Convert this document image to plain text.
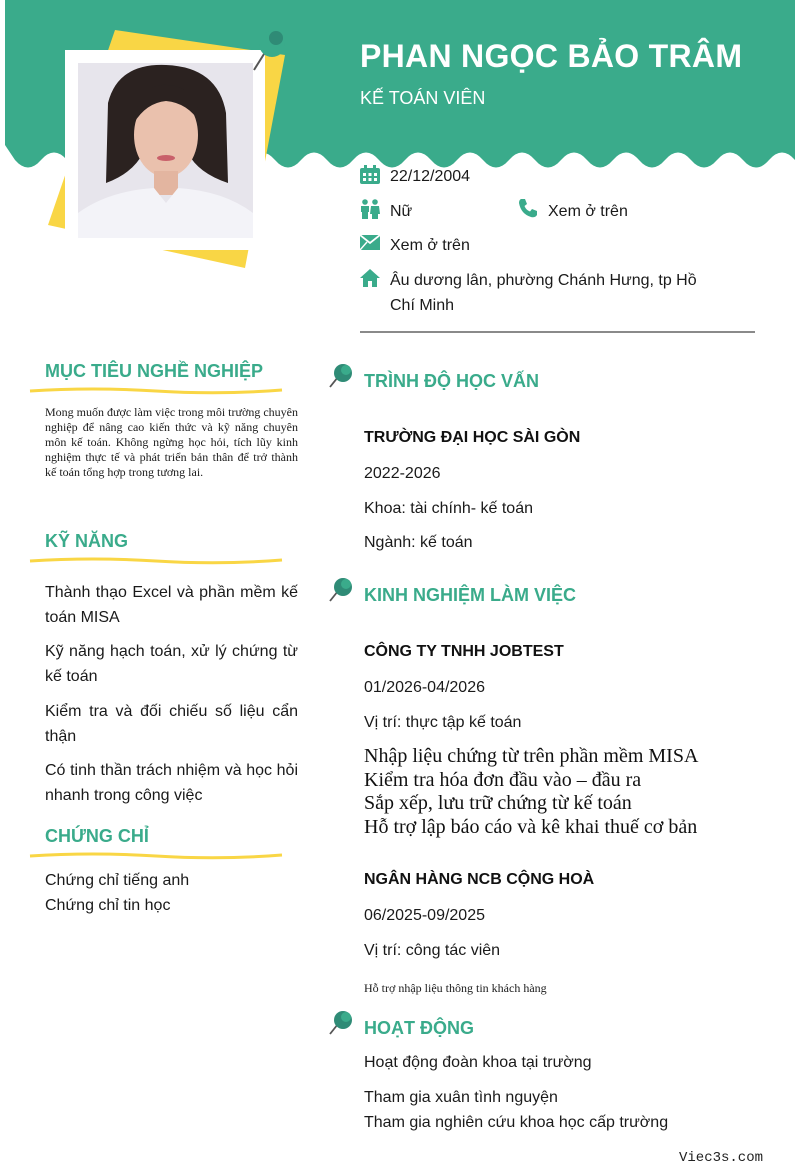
PHAN NGỌC BẢO TRÂM
KẾ TOÁN VIÊN
22/12/2004
Nữ	Xem ở trên
Xem ở trên
Âu dương lân, phường Chánh Hưng, tp Hồ
Chí Minh
MỤC TIÊU NGHỀ NGHIỆP
Mong muốn được làm việc trong môi trường chuyên nghiệp để nâng cao kiến thức và kỹ năng chuyên môn kế toán. Không ngừng học hỏi, tích lũy kinh nghiệm thực tế và phát triển bản thân để trở thành kế toán tổng hợp trong tương lai.
KỸ NĂNG
Thành thạo Excel và phần mềm kế toán MISA
Kỹ năng hạch toán, xử lý chứng từ kế toán
Kiểm tra và đối chiếu số liệu cẩn thận
Có tinh thần trách nhiệm và học hỏi nhanh trong công việc
CHỨNG CHỈ
Chứng chỉ tiếng anh
Chứng chỉ tin học
TRÌNH ĐỘ HỌC VẤN
TRƯỜNG ĐẠI HỌC SÀI GÒN
2022-2026
Khoa: tài chính- kế toán
Ngành: kế toán
KINH NGHIỆM LÀM VIỆC
CÔNG TY TNHH JOBTEST
01/2026-04/2026
Vị trí: thực tập kế toán
Nhập liệu chứng từ trên phần mềm MISA
Kiểm tra hóa đơn đầu vào – đầu ra
Sắp xếp, lưu trữ chứng từ kế toán
Hỗ trợ lập báo cáo và kê khai thuế cơ bản
NGÂN HÀNG NCB CỘNG HOÀ
06/2025-09/2025
Vị trí: công tác viên
Hỗ trợ nhập liệu thông tin khách hàng
HOẠT ĐỘNG
Hoạt động đoàn khoa tại trường
Tham gia xuân tình nguyện
Tham gia nghiên cứu khoa học cấp trường
Viec3s.com
